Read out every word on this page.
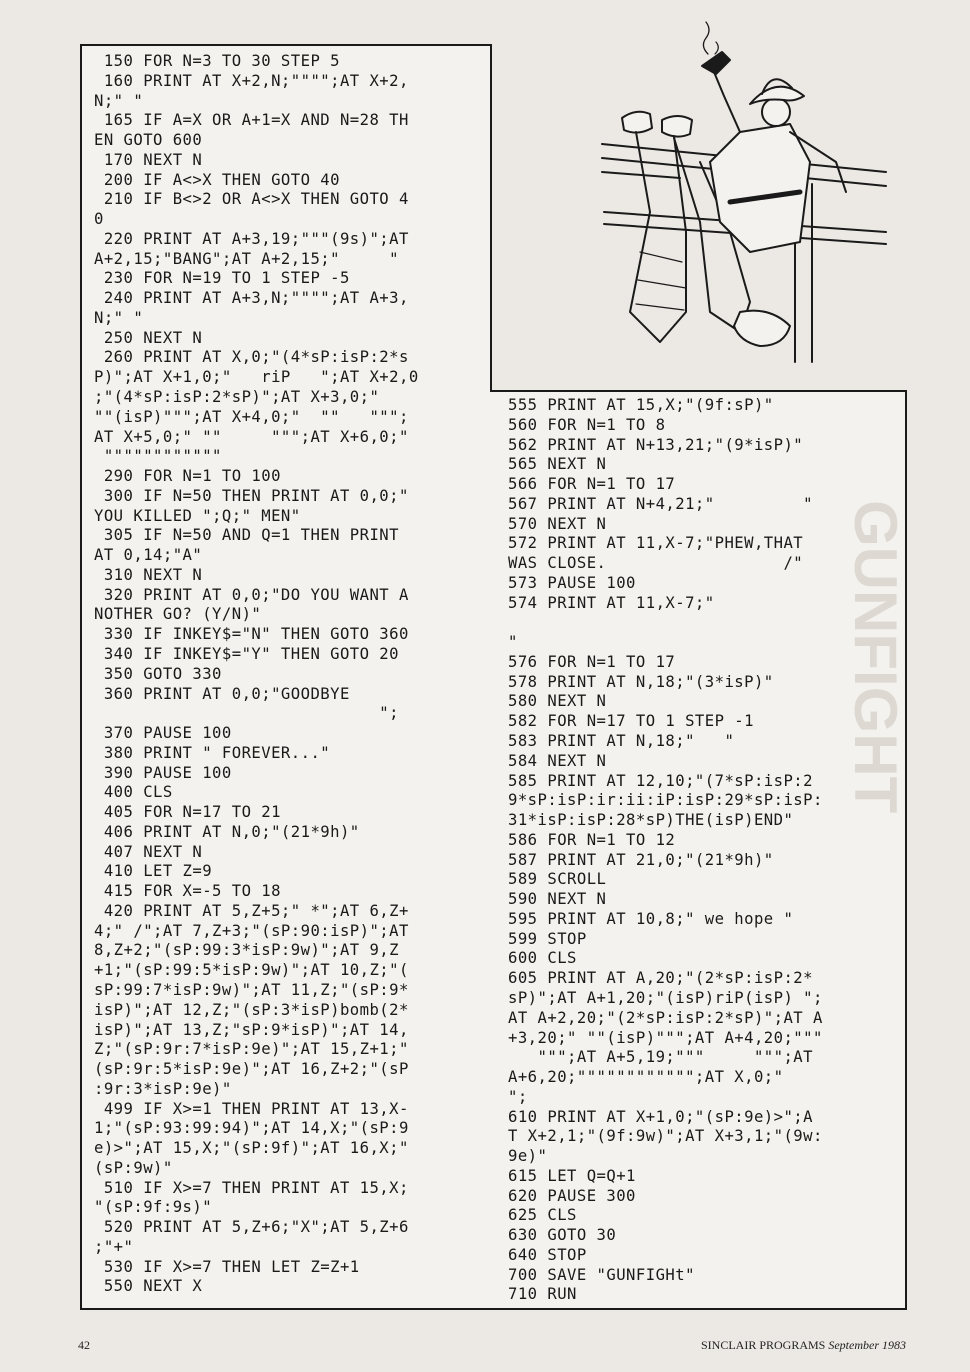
150 FOR N=3 TO 30 STEP 5
160 PRINT AT X+2,N;"""";AT X+2,
N;" "
165 IF A=X OR A+1=X AND N=28 TH
EN GOTO 600
170 NEXT N
200 IF A<>X THEN GOTO 40
210 IF B<>2 OR A<>X THEN GOTO 4
0
220 PRINT AT A+3,19;"""(9s)";AT
A+2,15;"BANG";AT A+2,15;"     "
230 FOR N=19 TO 1 STEP -5
240 PRINT AT A+3,N;"""";AT A+3,
N;" "
250 NEXT N
260 PRINT AT X,0;"(4*sP:isP:2*s
P)";AT X+1,0;"   riP   ";AT X+2,0
;"(4*sP:isP:2*sP)";AT X+3,0;"
""(isP)""";AT X+4,0;"  ""   """;
AT X+5,0;" ""     """;AT X+6,0;"
""""""""""""
290 FOR N=1 TO 100
300 IF N=50 THEN PRINT AT 0,0;"
YOU KILLED ";Q;" MEN"
305 IF N=50 AND Q=1 THEN PRINT
AT 0,14;"A"
310 NEXT N
320 PRINT AT 0,0;"DO YOU WANT A
NOTHER GO? (Y/N)"
330 IF INKEY$="N" THEN GOTO 360
340 IF INKEY$="Y" THEN GOTO 20
350 GOTO 330
360 PRINT AT 0,0;"GOODBYE
";
370 PAUSE 100
380 PRINT " FOREVER..."
390 PAUSE 100
400 CLS
405 FOR N=17 TO 21
406 PRINT AT N,0;"(21*9h)"
407 NEXT N
410 LET Z=9
415 FOR X=-5 TO 18
420 PRINT AT 5,Z+5;" *";AT 6,Z+
4;" /";AT 7,Z+3;"(sP:90:isP)";AT
8,Z+2;"(sP:99:3*isP:9w)";AT 9,Z
+1;"(sP:99:5*isP:9w)";AT 10,Z;"(
sP:99:7*isP:9w)";AT 11,Z;"(sP:9*
isP)";AT 12,Z;"(sP:3*isP)bomb(2*
isP)";AT 13,Z;"sP:9*isP)";AT 14,
Z;"(sP:9r:7*isP:9e)";AT 15,Z+1;"
(sP:9r:5*isP:9e)";AT 16,Z+2;"(sP
:9r:3*isP:9e)"
499 IF X>=1 THEN PRINT AT 13,X-
1;"(sP:93:99:94)";AT 14,X;"(sP:9
e)>";AT 15,X;"(sP:9f)";AT 16,X;"
(sP:9w)"
510 IF X>=7 THEN PRINT AT 15,X;
"(sP:9f:9s)"
520 PRINT AT 5,Z+6;"X";AT 5,Z+6
;"+"
530 IF X>=7 THEN LET Z=Z+1
550 NEXT X
555 PRINT AT 15,X;"(9f:sP)"
560 FOR N=1 TO 8
562 PRINT AT N+13,21;"(9*isP)"
565 NEXT N
566 FOR N=1 TO 17
567 PRINT AT N+4,21;"         "
570 NEXT N
572 PRINT AT 11,X-7;"PHEW,THAT
WAS CLOSE.                  /"
573 PAUSE 100
574 PRINT AT 11,X-7;"
"
576 FOR N=1 TO 17
578 PRINT AT N,18;"(3*isP)"
580 NEXT N
582 FOR N=17 TO 1 STEP -1
583 PRINT AT N,18;"   "
584 NEXT N
585 PRINT AT 12,10;"(7*sP:isP:2
9*sP:isP:ir:ii:iP:isP:29*sP:isP:
31*isP:isP:28*sP)THE(isP)END"
586 FOR N=1 TO 12
587 PRINT AT 21,0;"(21*9h)"
589 SCROLL
590 NEXT N
595 PRINT AT 10,8;" we hope "
599 STOP
600 CLS
605 PRINT AT A,20;"(2*sP:isP:2*
sP)";AT A+1,20;"(isP)riP(isP) ";
AT A+2,20;"(2*sP:isP:2*sP)";AT A
+3,20;" ""(isP)""";AT A+4,20;"""
""";AT A+5,19;"""     """;AT
A+6,20;"""""""""""";AT X,0;"
";
610 PRINT AT X+1,0;"(sP:9e)>";A
T X+2,1;"(9f:9w)";AT X+3,1;"(9w:
9e)"
615 LET Q=Q+1
620 PAUSE 300
625 CLS
630 GOTO 30
640 STOP
700 SAVE "GUNFIGHt"
710 RUN
GUNFIGHT
42	SINCLAIR PROGRAMS September 1983
